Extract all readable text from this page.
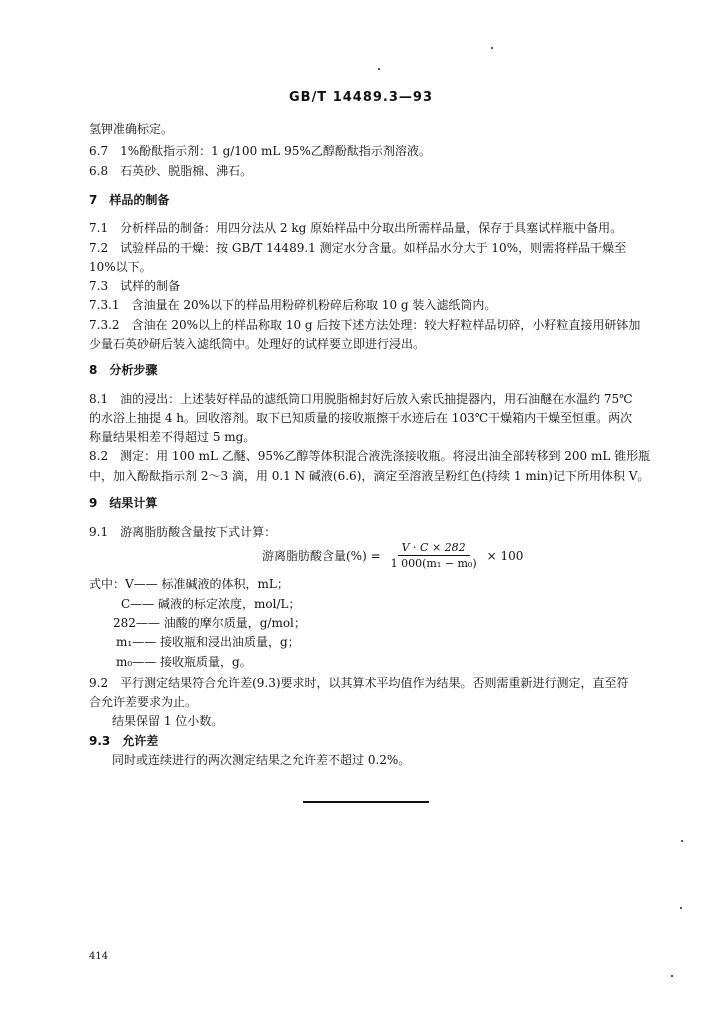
GB/T 14489.3—93
氢钾准确标定。
6.7　1%酚酞指示剂：1 g/100 mL 95%乙醇酚酞指示剂溶液。
6.8　石英砂、脱脂棉、沸石。
7　样品的制备
7.1　分析样品的制备：用四分法从 2 kg 原始样品中分取出所需样品量，保存于具塞试样瓶中备用。
7.2　试验样品的干燥：按 GB/T 14489.1 测定水分含量。如样品水分大于 10%，则需将样品干燥至
10%以下。
7.3　试样的制备
7.3.1　含油量在 20%以下的样品用粉碎机粉碎后称取 10 g 装入滤纸筒内。
7.3.2　含油在 20%以上的样品称取 10 g 后按下述方法处理：较大籽粒样品切碎，小籽粒直接用研钵加
少量石英砂研后装入滤纸筒中。处理好的试样要立即进行浸出。
8　分析步骤
8.1　油的浸出：上述装好样品的滤纸筒口用脱脂棉封好后放入索氏抽提器内，用石油醚在水温约 75℃
的水浴上抽提 4 h。回收溶剂。取下已知质量的接收瓶擦干水迹后在 103℃干燥箱内干燥至恒重。两次
称量结果相差不得超过 5 mg。
8.2　测定：用 100 mL 乙醚、95%乙醇等体积混合液洗涤接收瓶。将浸出油全部转移到 200 mL 锥形瓶
中，加入酚酞指示剂 2～3 滴，用 0.1 N 碱液(6.6)，滴定至溶液呈粉红色(持续 1 min)记下所用体积 V。
9　结果计算
9.1　游离脂肪酸含量按下式计算：
游离脂肪酸含量(%) = $\frac{V \cdot C \times 282}{\text{1 000(m₁ − m₀)}} \times 100$
式中：V—— 标准碱液的体积，mL；
C—— 碱液的标定浓度，mol/L；
282—— 油酸的摩尔质量，g/mol；
m₁—— 接收瓶和浸出油质量，g；
m₀—— 接收瓶质量，g。
9.2　平行测定结果符合允许差(9.3)要求时，以其算术平均值作为结果。否则需重新进行测定，直至符
合允许差要求为止。
结果保留 1 位小数。
9.3　允许差
同时或连续进行的两次测定结果之允许差不超过 0.2%。
414
